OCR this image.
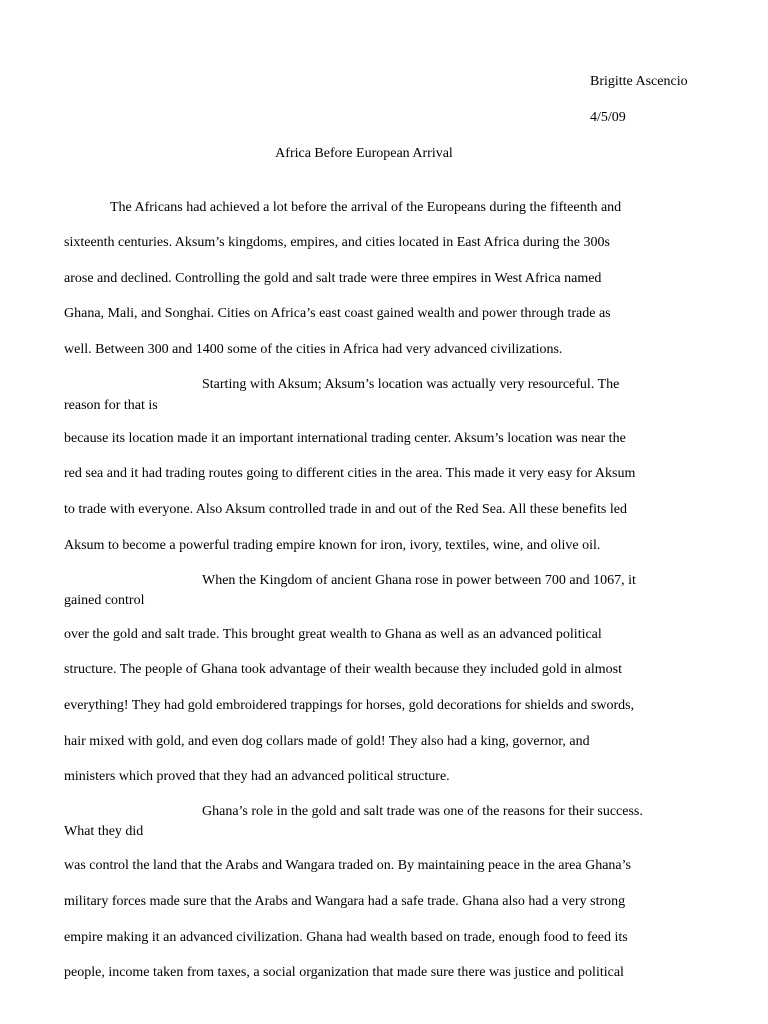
Brigitte Ascencio
4/5/09
Africa Before European Arrival
The Africans had achieved a lot before the arrival of the Europeans during the fifteenth and
sixteenth centuries. Aksum’s kingdoms, empires, and cities located in East Africa during the 300s
arose and declined. Controlling the gold and salt trade were three empires in West Africa named
Ghana, Mali, and Songhai. Cities on Africa’s east coast gained wealth and power through trade as
well. Between 300 and 1400 some of the cities in Africa had very advanced civilizations.
Starting with Aksum; Aksum’s location was actually very resourceful. The
reason for that is
because its location made it an important international trading center. Aksum’s location was near the
red sea and it had trading routes going to different cities in the area. This made it very easy for Aksum
to trade with everyone. Also Aksum controlled trade in and out of the Red Sea. All these benefits led
Aksum to become a powerful trading empire known for iron, ivory, textiles, wine, and olive oil.
When the Kingdom of ancient Ghana rose in power between 700 and 1067, it
gained control
over the gold and salt trade. This brought great wealth to Ghana as well as an advanced political
structure. The people of Ghana took advantage of their wealth because they included gold in almost
everything! They had gold embroidered trappings for horses, gold decorations for shields and swords,
hair mixed with gold, and even dog collars made of gold! They also had a king, governor, and
ministers which proved that they had an advanced political structure.
Ghana’s role in the gold and salt trade was one of the reasons for their success.
What they did
was control the land that the Arabs and Wangara traded on. By maintaining peace in the area Ghana’s
military forces made sure that the Arabs and Wangara had a safe trade. Ghana also had a very strong
empire making it an advanced civilization. Ghana had wealth based on trade, enough food to feed its
people, income taken from taxes, a social organization that made sure there was justice and political
